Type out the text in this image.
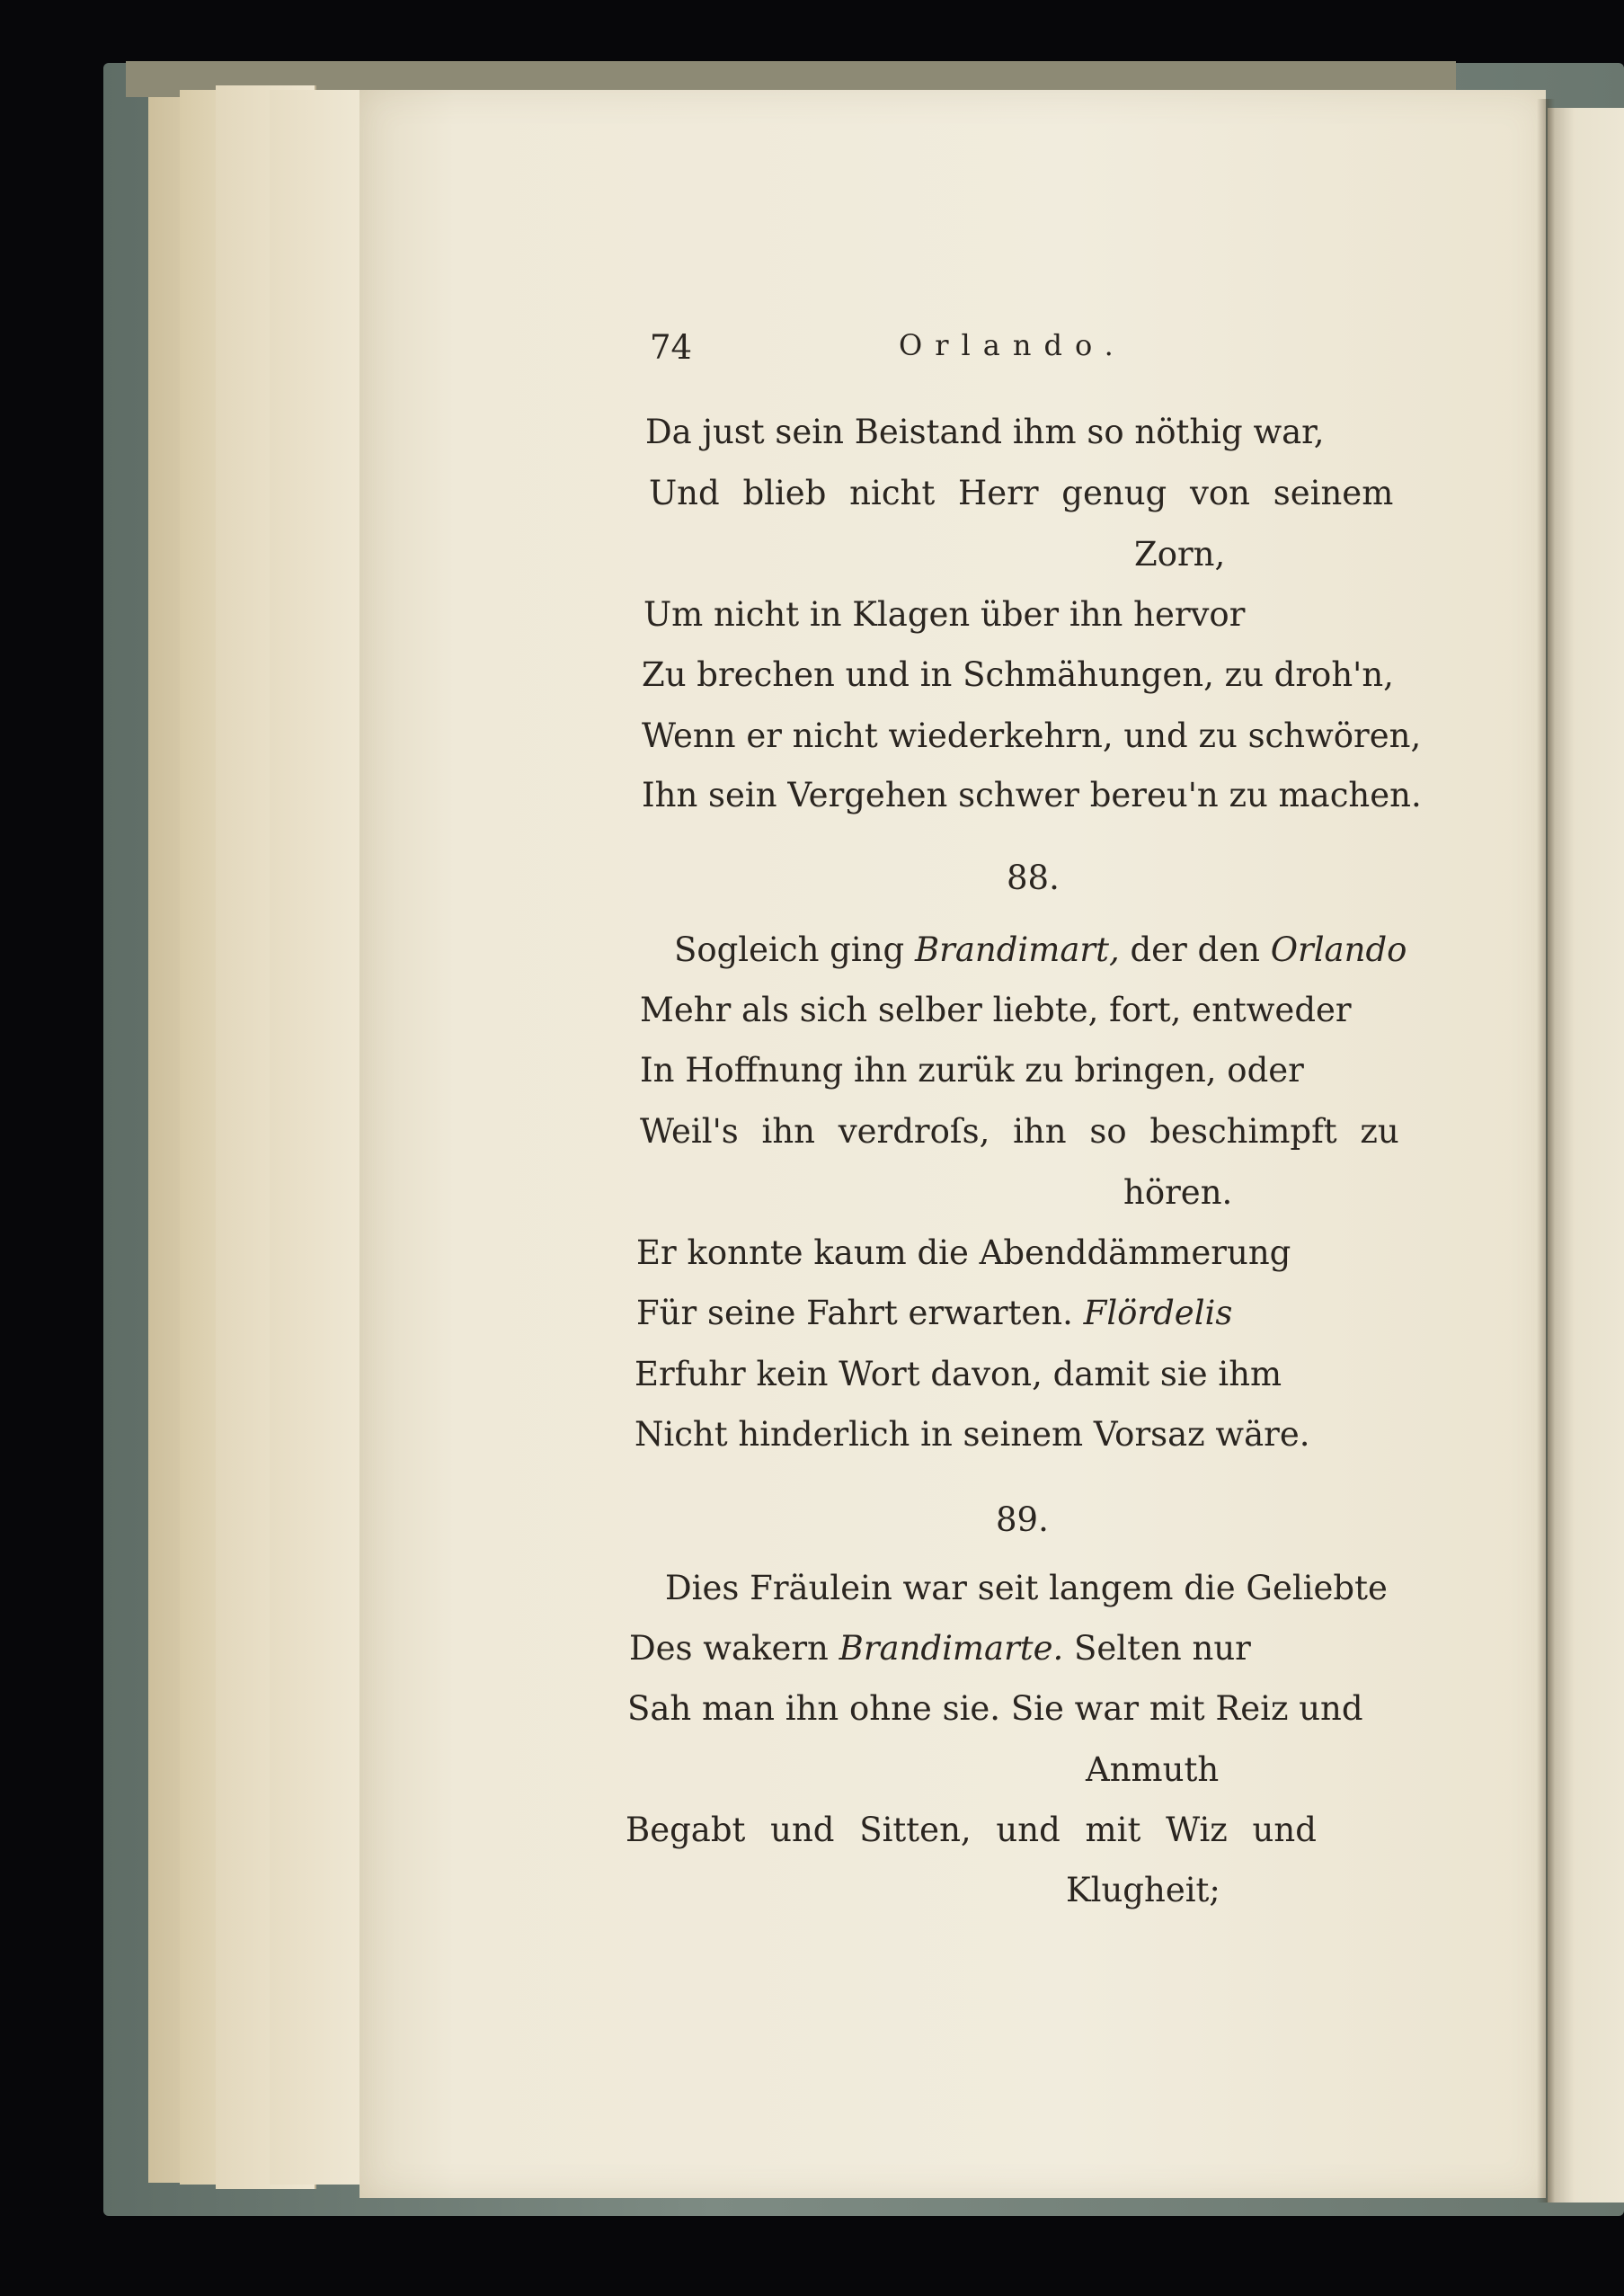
74	Orlando.
Da just sein Beistand ihm so nöthig war,
Und blieb nicht Herr genug von seinem
Zorn,
Um nicht in Klagen über ihn hervor
Zu brechen und in Schmähungen, zu droh'n,
Wenn er nicht wiederkehrn, und zu schwören,
Ihn sein Vergehen schwer bereu'n zu machen.
88.
Sogleich ging Brandimart, der den Orlando
Mehr als sich selber liebte, fort, entweder
In Hoffnung ihn zurük zu bringen, oder
Weil's ihn verdroſs, ihn so beschimpft zu
hören.
Er konnte kaum die Abenddämmerung
Für seine Fahrt erwarten. Flördelis
Erfuhr kein Wort davon, damit sie ihm
Nicht hinderlich in seinem Vorsaz wäre.
89.
Dies Fräulein war seit langem die Geliebte
Des wakern Brandimarte. Selten nur
Sah man ihn ohne sie. Sie war mit Reiz und
Anmuth
Begabt und Sitten, und mit Wiz und
Klugheit;
